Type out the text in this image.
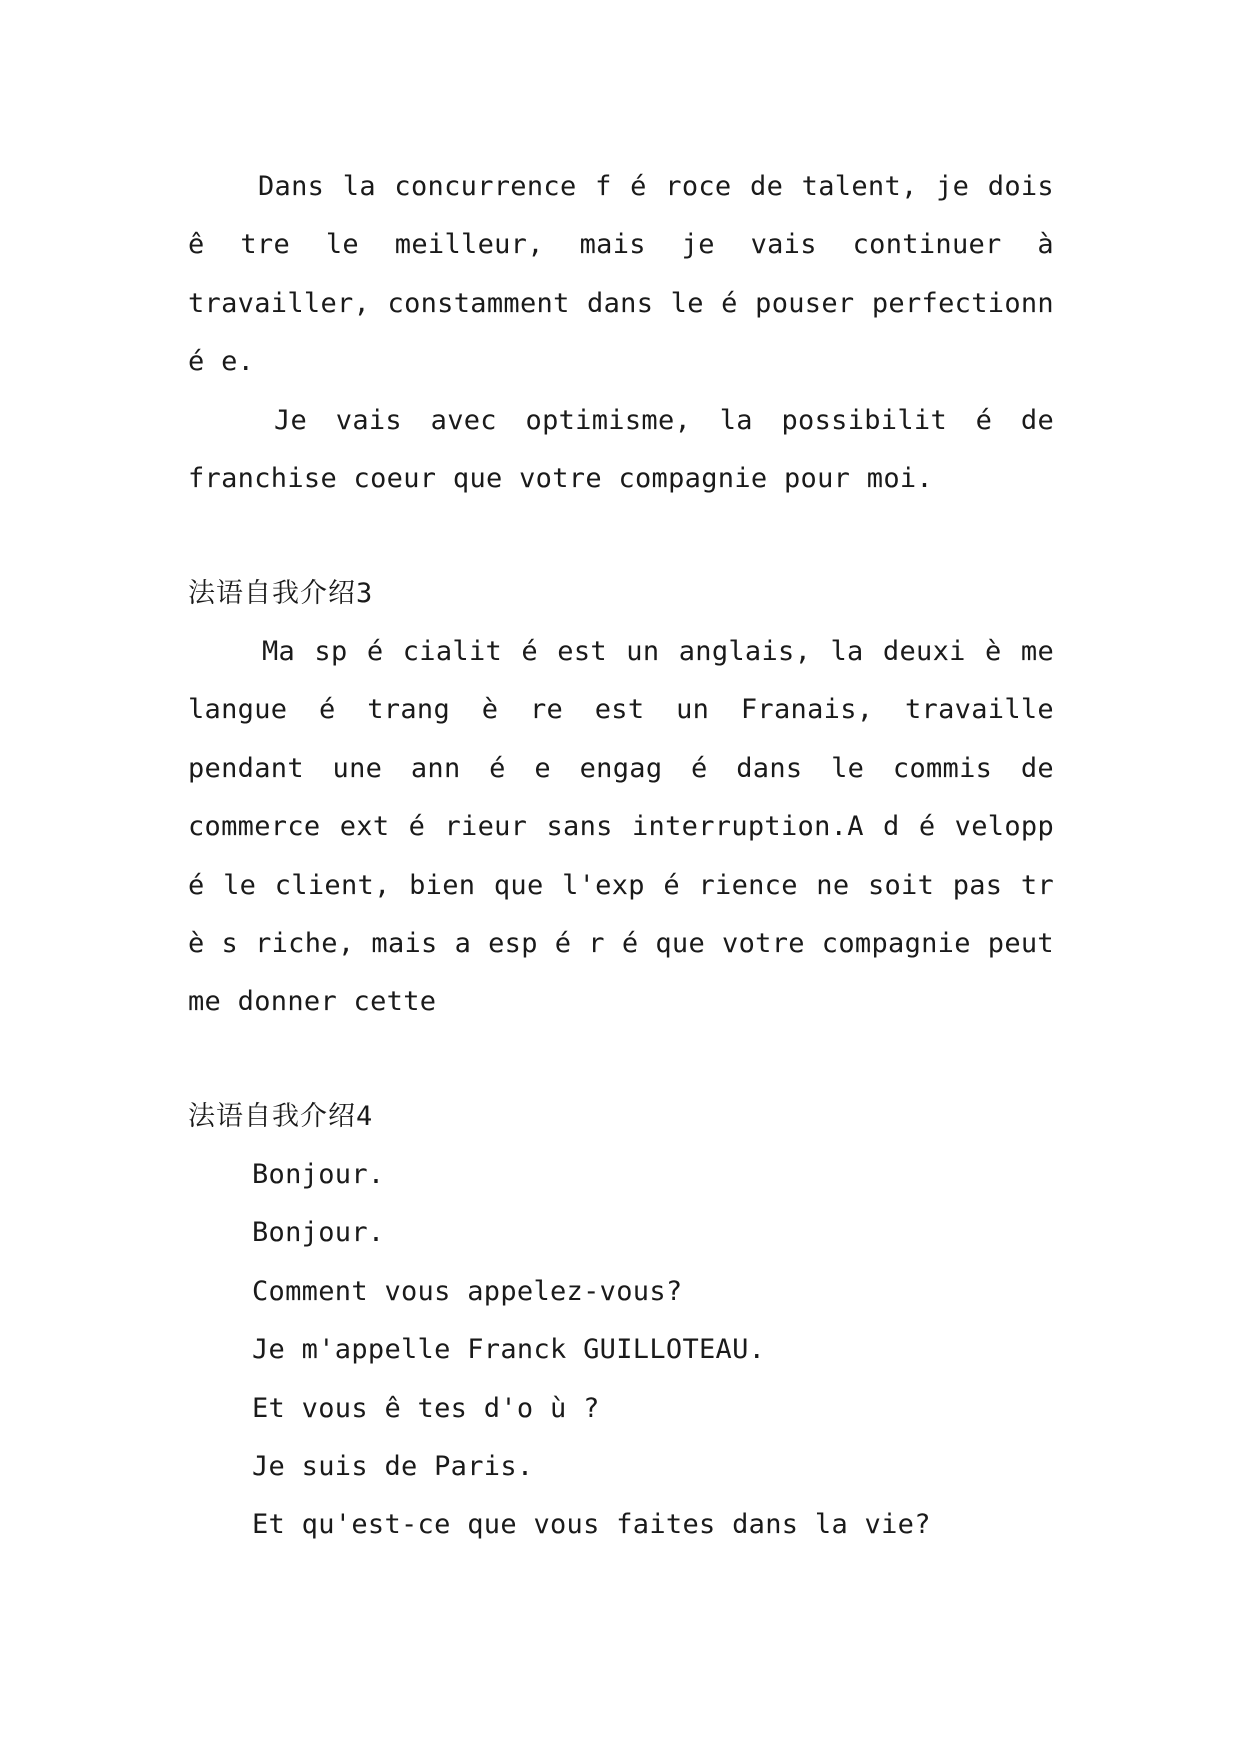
Dans la concurrence f é roce de talent, je dois ê tre le meilleur, mais je vais continuer à travailler, constamment dans le é pouser perfectionn é e.

Je vais avec optimisme, la possibilit é de franchise coeur que votre compagnie pour moi.

法语自我介绍3

Ma sp é cialit é est un anglais, la deuxi è me langue é trang è re est un Franais, travaille pendant une ann é e engag é dans le commis de commerce ext é rieur sans interruption.A d é velopp é le client, bien que l'exp é rience ne soit pas tr è s riche, mais a esp é r é que votre compagnie peut me donner cette

法语自我介绍4
Bonjour.
Bonjour.
Comment vous appelez-vous?
Je m'appelle Franck GUILLOTEAU.
Et vous ê tes d'o ù ?
Je suis de Paris.
Et qu'est-ce que vous faites dans la vie?
